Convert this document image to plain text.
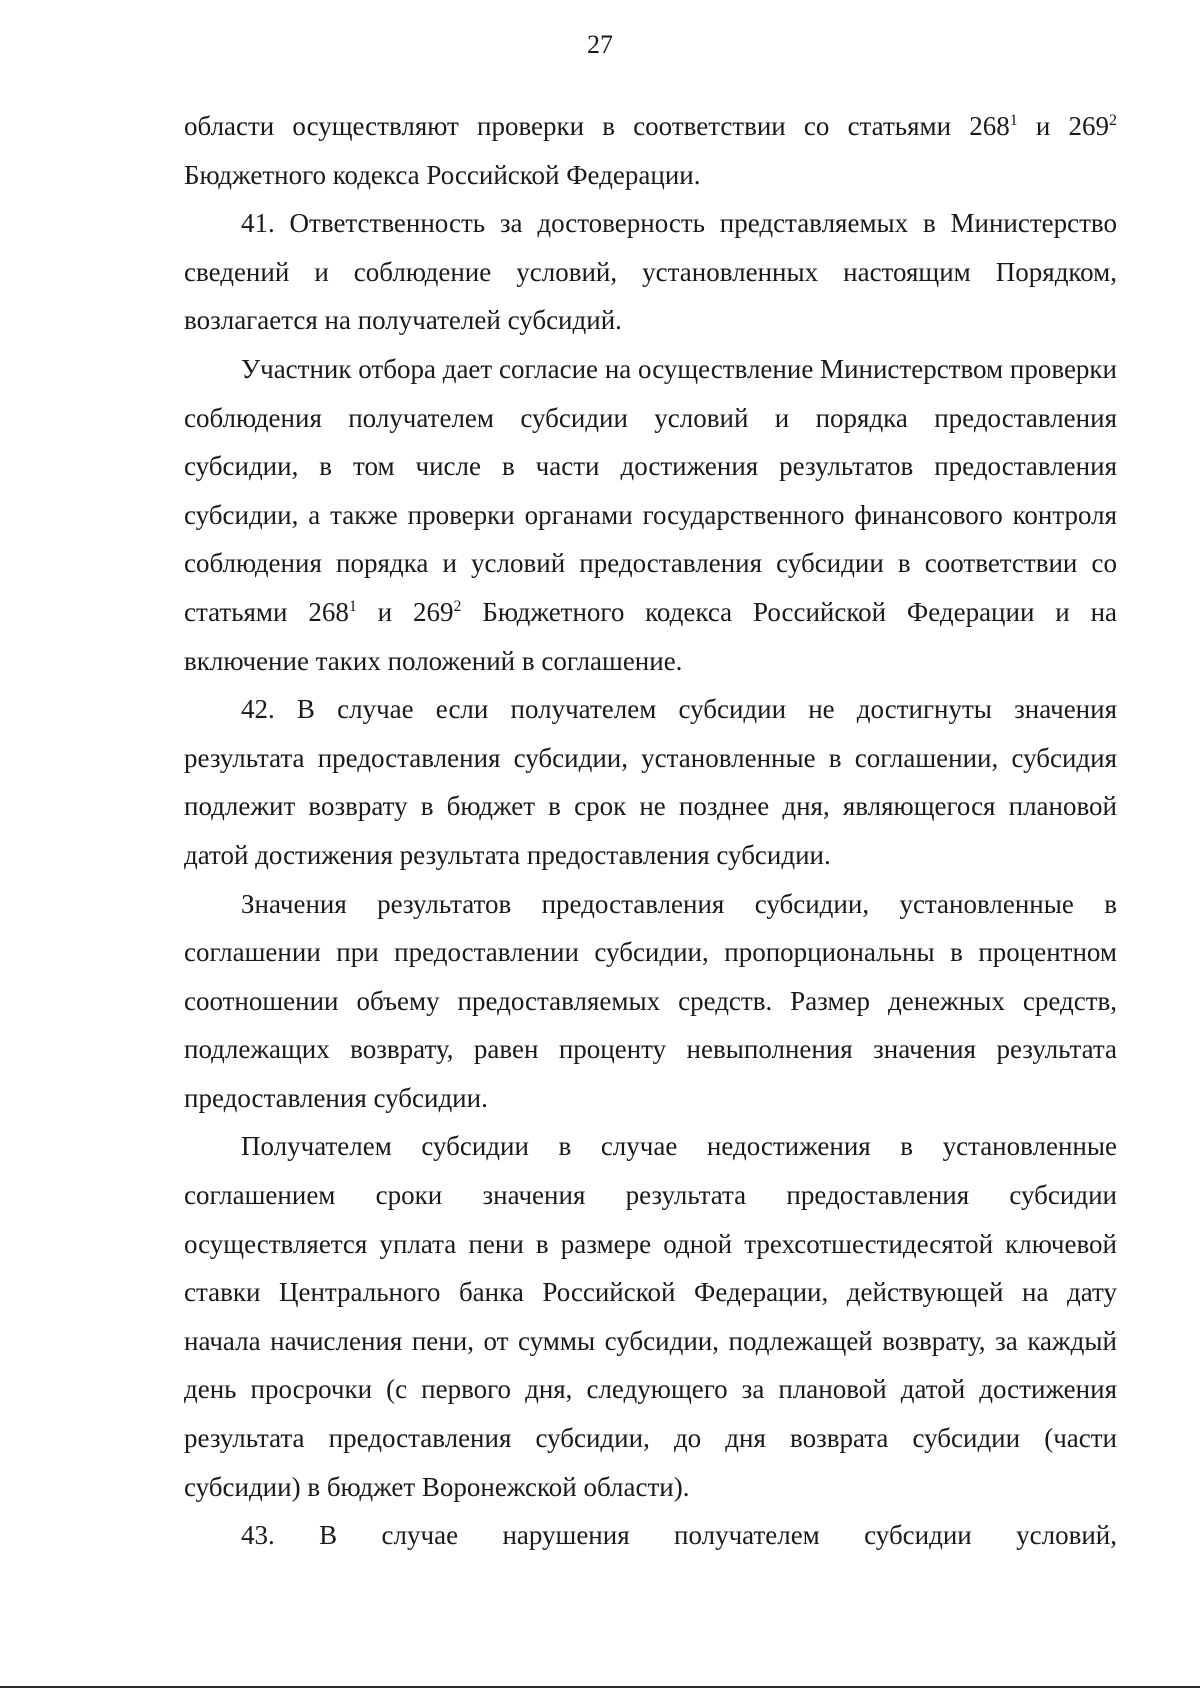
27

области осуществляют проверки в соответствии со статьями $268^1$ и $269^2$ Бюджетного кодекса Российской Федерации.

41. Ответственность за достоверность представляемых в Министерство сведений и соблюдение условий, установленных настоящим Порядком, возлагается на получателей субсидий.

Участник отбора дает согласие на осуществление Министерством проверки соблюдения получателем субсидии условий и порядка предоставления субсидии, в том числе в части достижения результатов предоставления субсидии, а также проверки органами государственного финансового контроля соблюдения порядка и условий предоставления субсидии в соответствии со статьями $268^1$ и $269^2$ Бюджетного кодекса Российской Федерации и на включение таких положений в соглашение.

42. В случае если получателем субсидии не достигнуты значения результата предоставления субсидии, установленные в соглашении, субсидия подлежит возврату в бюджет в срок не позднее дня, являющегося плановой датой достижения результата предоставления субсидии.

Значения результатов предоставления субсидии, установленные в соглашении при предоставлении субсидии, пропорциональны в процентном соотношении объему предоставляемых средств. Размер денежных средств, подлежащих возврату, равен проценту невыполнения значения результата предоставления субсидии.

Получателем субсидии в случае недостижения в установленные соглашением сроки значения результата предоставления субсидии осуществляется уплата пени в размере одной трехсотшестидесятой ключевой ставки Центрального банка Российской Федерации, действующей на дату начала начисления пени, от суммы субсидии, подлежащей возврату, за каждый день просрочки (с первого дня, следующего за плановой датой достижения результата предоставления субсидии, до дня возврата субсидии (части субсидии) в бюджет Воронежской области).

43. В случае нарушения получателем субсидии условий,
